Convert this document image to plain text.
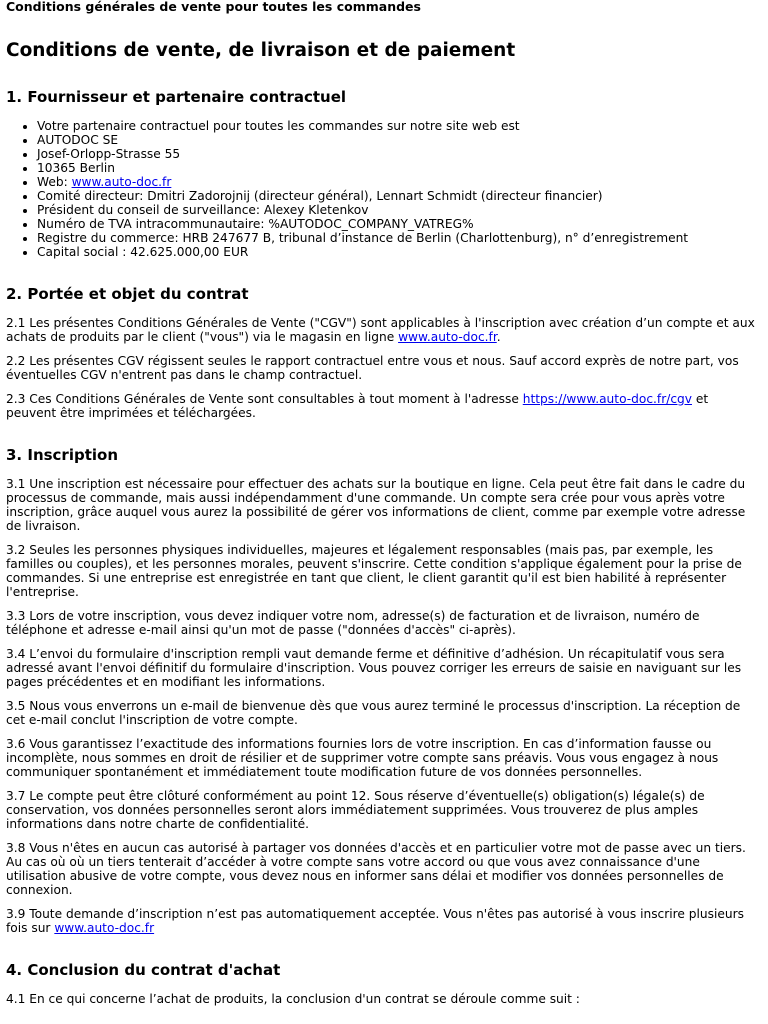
Conditions générales de vente pour toutes les commandes
Conditions de vente, de livraison et de paiement
1. Fournisseur et partenaire contractuel
• Votre partenaire contractuel pour toutes les commandes sur notre site web est
• AUTODOC SE
• Josef-Orlopp-Strasse 55
• 10365 Berlin
• Web: www.auto-doc.fr
• Comité directeur: Dmitri Zadorojnij (directeur général), Lennart Schmidt (directeur financier)
• Président du conseil de surveillance: Alexey Kletenkov
• Numéro de TVA intracommunautaire: %AUTODOC_COMPANY_VATREG%
• Registre du commerce: HRB 247677 B, tribunal d’instance de Berlin (Charlottenburg), n° d’enregistrement
• Capital social : 42.625.000,00 EUR
2. Portée et objet du contrat

2.1 Les présentes Conditions Générales de Vente ("CGV") sont applicables à l'inscription avec création d’un compte et aux achats de produits par le client ("vous") via le magasin en ligne www.auto-doc.fr.

2.2 Les présentes CGV régissent seules le rapport contractuel entre vous et nous. Sauf accord exprès de notre part, vos éventuelles CGV n'entrent pas dans le champ contractuel.

2.3 Ces Conditions Générales de Vente sont consultables à tout moment à l'adresse https://www.auto-doc.fr/cgv et peuvent être imprimées et téléchargées.

3. Inscription

3.1 Une inscription est nécessaire pour effectuer des achats sur la boutique en ligne. Cela peut être fait dans le cadre du processus de commande, mais aussi indépendamment d'une commande. Un compte sera crée pour vous après votre inscription, grâce auquel vous aurez la possibilité de gérer vos informations de client, comme par exemple votre adresse de livraison.

3.2 Seules les personnes physiques individuelles, majeures et légalement responsables (mais pas, par exemple, les familles ou couples), et les personnes morales, peuvent s'inscrire. Cette condition s'applique également pour la prise de commandes. Si une entreprise est enregistrée en tant que client, le client garantit qu'il est bien habilité à représenter l'entreprise.

3.3 Lors de votre inscription, vous devez indiquer votre nom, adresse(s) de facturation et de livraison, numéro de téléphone et adresse e-mail ainsi qu'un mot de passe ("données d'accès" ci-après).

3.4 L’envoi du formulaire d'inscription rempli vaut demande ferme et définitive d’adhésion. Un récapitulatif vous sera adressé avant l'envoi définitif du formulaire d'inscription. Vous pouvez corriger les erreurs de saisie en naviguant sur les pages précédentes et en modifiant les informations.

3.5 Nous vous enverrons un e-mail de bienvenue dès que vous aurez terminé le processus d'inscription. La réception de cet e-mail conclut l'inscription de votre compte.

3.6 Vous garantissez l’exactitude des informations fournies lors de votre inscription. En cas d’information fausse ou incomplète, nous sommes en droit de résilier et de supprimer votre compte sans préavis. Vous vous engagez à nous communiquer spontanément et immédiatement toute modification future de vos données personnelles.

3.7 Le compte peut être clôturé conformément au point 12. Sous réserve d’éventuelle(s) obligation(s) légale(s) de conservation, vos données personnelles seront alors immédiatement supprimées. Vous trouverez de plus amples informations dans notre charte de confidentialité.

3.8 Vous n'êtes en aucun cas autorisé à partager vos données d'accès et en particulier votre mot de passe avec un tiers. Au cas où où un tiers tenterait d’accéder à votre compte sans votre accord ou que vous avez connaissance d'une utilisation abusive de votre compte, vous devez nous en informer sans délai et modifier vos données personnelles de connexion.

3.9 Toute demande d’inscription n’est pas automatiquement acceptée. Vous n'êtes pas autorisé à vous inscrire plusieurs fois sur www.auto-doc.fr

4. Conclusion du contrat d'achat

4.1 En ce qui concerne l’achat de produits, la conclusion d'un contrat se déroule comme suit :
